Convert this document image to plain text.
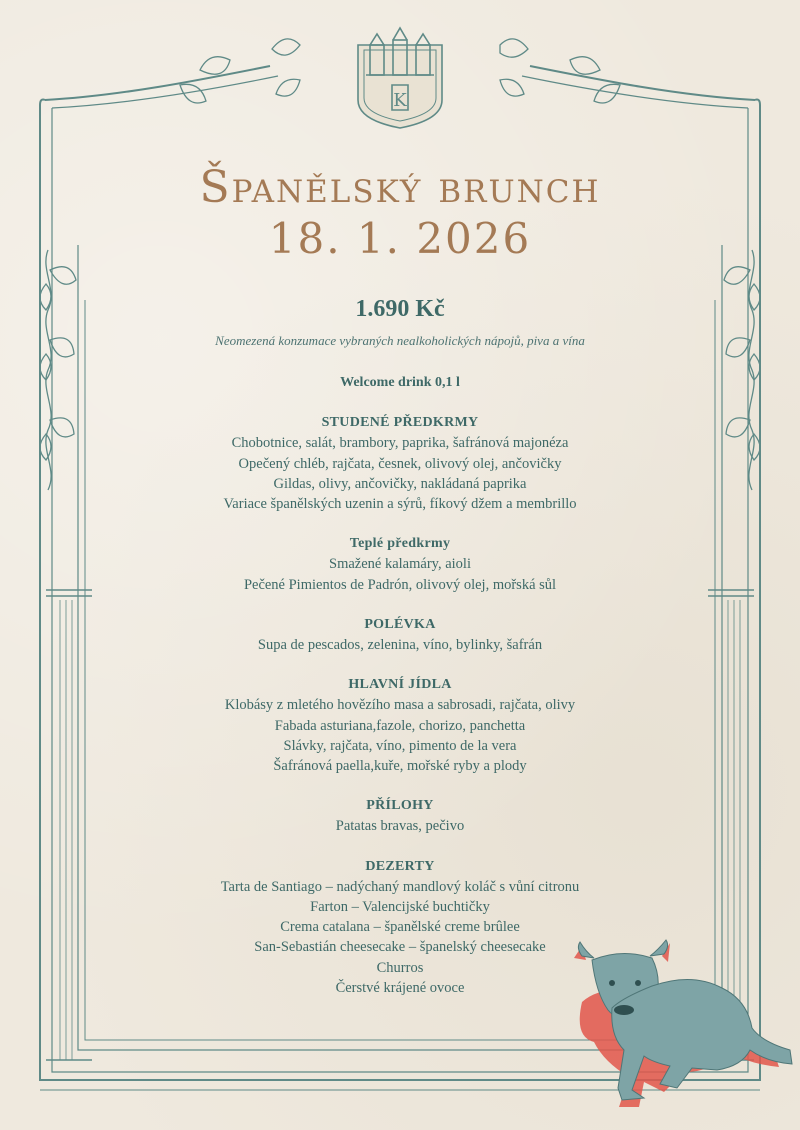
K
Španělský brunch
18. 1. 2026
1.690 Kč
Neomezená konzumace vybraných nealkoholických nápojů, piva a vína
Welcome drink 0,1 l
STUDENÉ PŘEDKRMY
Chobotnice, salát, brambory, paprika, šafránová majonéza
Opečený chléb, rajčata, česnek, olivový olej, ančovičky
Gildas, olivy, ančovičky, nakládaná paprika
Variace španělských uzenin a sýrů, fíkový džem a membrillo
Teplé předkrmy
Smažené kalamáry, aioli
Pečené Pimientos de Padrón, olivový olej, mořská sůl
POLÉVKA
Supa de pescados, zelenina, víno, bylinky, šafrán
HLAVNÍ JÍDLA
Klobásy z mletého hovězího masa a sabrosadi, rajčata, olivy
Fabada asturiana,fazole, chorizo, panchetta
Slávky, rajčata, víno, pimento de la vera
Šafránová paella,kuře, mořské ryby a plody
PŘÍLOHY
Patatas bravas, pečivo
DEZERTY
Tarta de Santiago – nadýchaný mandlový koláč s vůní citronu
Farton – Valencijské buchtičky
Crema catalana – španělské creme brûlee
San-Sebastián cheesecake – španelský cheesecake
Churros
Čerstvé krájené ovoce
